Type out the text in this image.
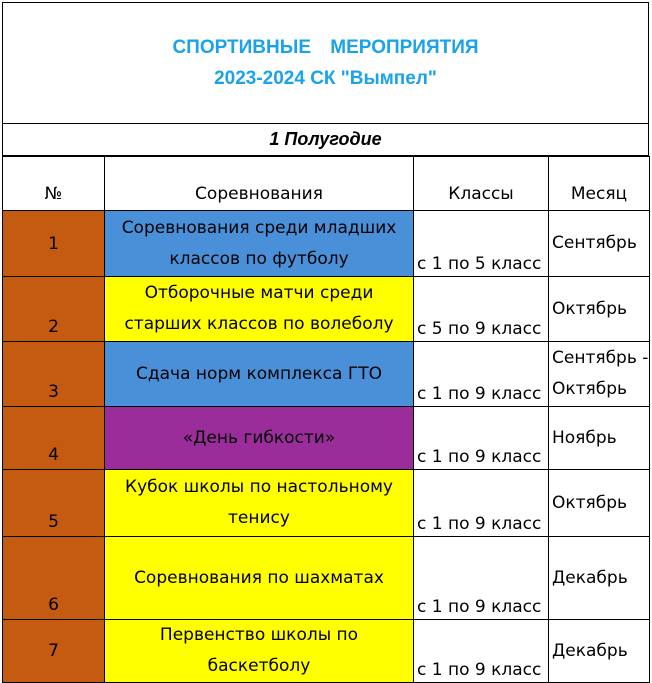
СПОРТИВНЫЕ МЕРОПРИЯТИЯ
2023-2024 СК "Вымпел"
1 Полугодие
№	Соревнования	Классы	Месяц
1	Соревнования среди младших классов по футболу	с 1 по 5 класс	Сентябрь
2	Отборочные матчи среди старших классов по волеболу	с 5 по 9 класс	Октябрь
3	Сдача норм комплекса ГТО	с 1 по 9 класс	Сентябрь - Октябрь
4	«День гибкости»	с 1 по 9 класс	Ноябрь
5	Кубок школы по настольному тенису	с 1 по 9 класс	Октябрь
6	Соревнования по шахматах	с 1 по 9 класс	Декабрь
7	Первенство школы по баскетболу	с 1 по 9 класс	Декабрь
